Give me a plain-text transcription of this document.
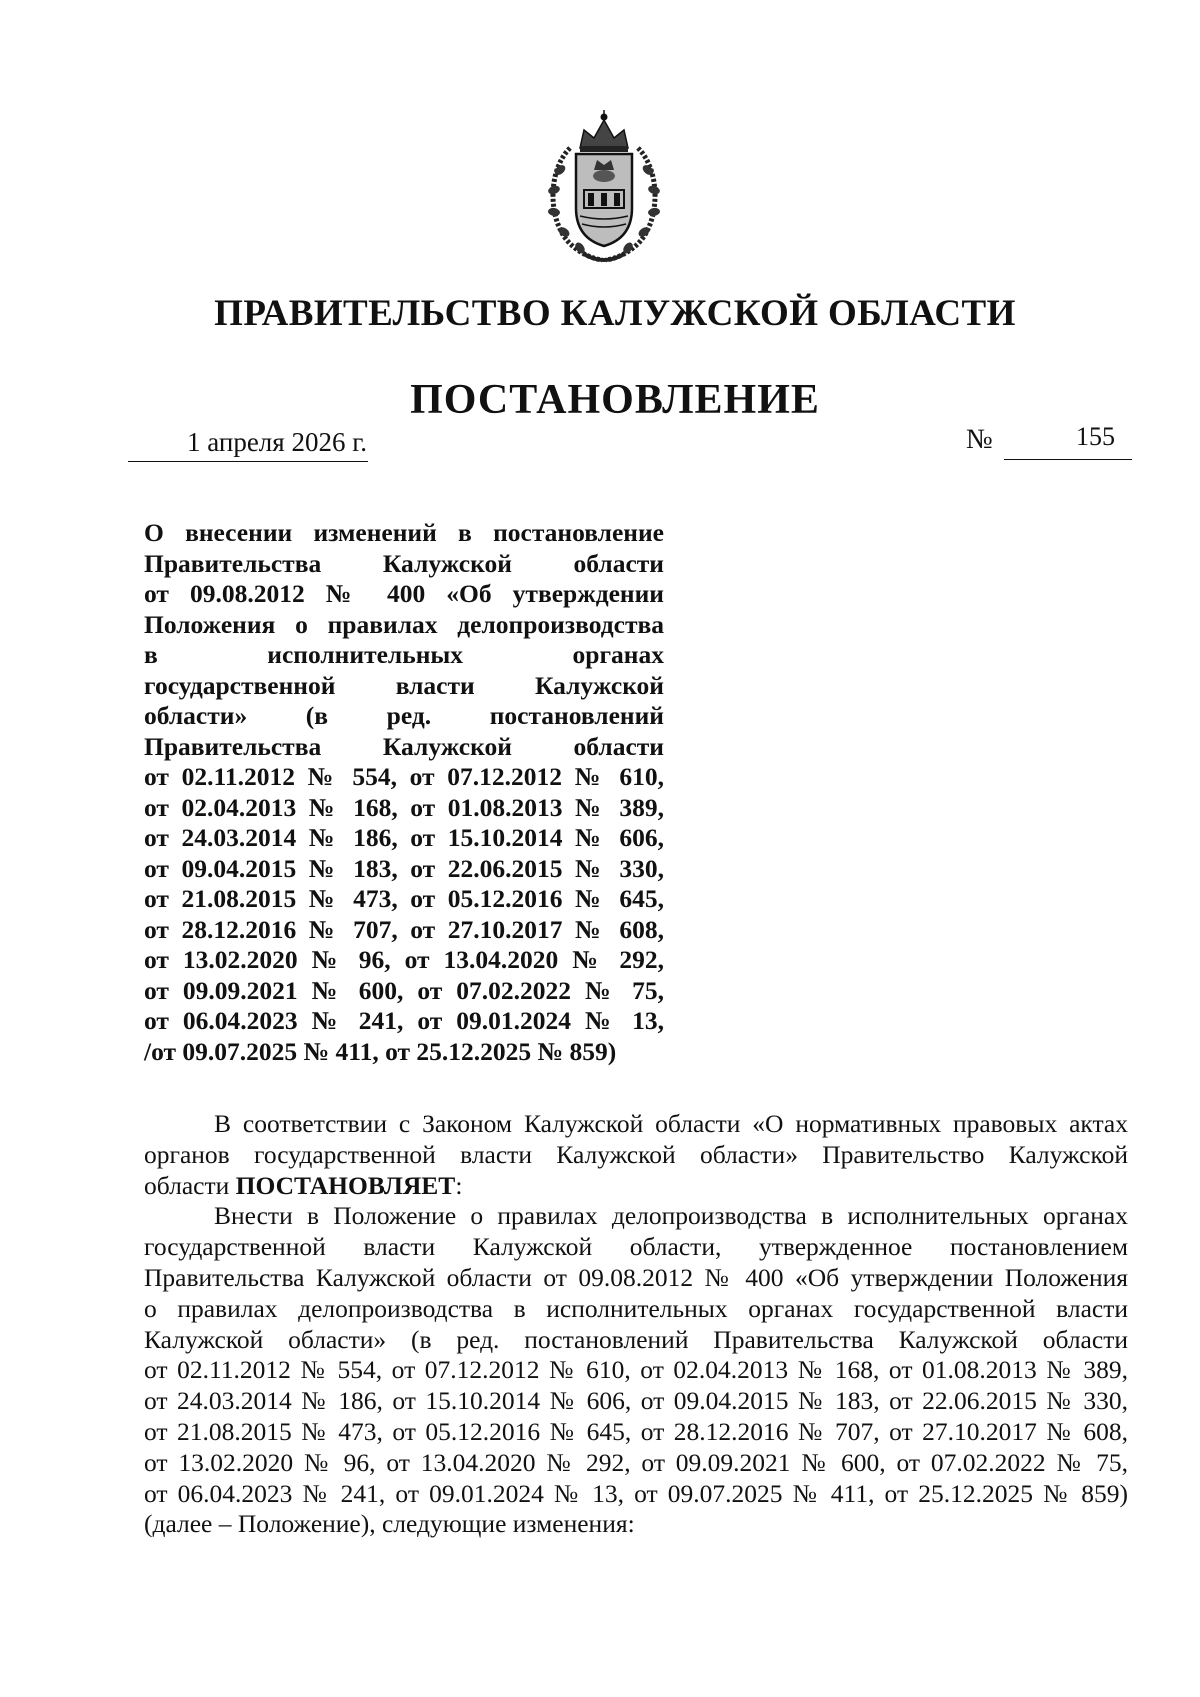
ПРАВИТЕЛЬСТВО КАЛУЖСКОЙ ОБЛАСТИ
ПОСТАНОВЛЕНИЕ
1 апреля 2026 г.	№	155
О внесении изменений в постановление
Правительства Калужской области
от 09.08.2012 № 400 «Об утверждении
Положения о правилах делопроизводства
в исполнительных органах
государственной власти Калужской
области» (в ред. постановлений
Правительства Калужской области
от 02.11.2012 № 554, от 07.12.2012 № 610,
от 02.04.2013 № 168, от 01.08.2013 № 389,
от 24.03.2014 № 186, от 15.10.2014 № 606,
от 09.04.2015 № 183, от 22.06.2015 № 330,
от 21.08.2015 № 473, от 05.12.2016 № 645,
от 28.12.2016 № 707, от 27.10.2017 № 608,
от 13.02.2020 № 96, от 13.04.2020 № 292,
от 09.09.2021 № 600, от 07.02.2022 № 75,
от 06.04.2023 № 241, от 09.01.2024 № 13,
/от 09.07.2025 № 411, от 25.12.2025 № 859)
В соответствии с Законом Калужской области «О нормативных правовых актах
органов государственной власти Калужской области» Правительство Калужской
области ПОСТАНОВЛЯЕТ:
Внести в Положение о правилах делопроизводства в исполнительных органах
государственной власти Калужской области, утвержденное постановлением
Правительства Калужской области от 09.08.2012 № 400 «Об утверждении Положения
о правилах делопроизводства в исполнительных органах государственной власти
Калужской области» (в ред. постановлений Правительства Калужской области
от 02.11.2012 № 554, от 07.12.2012 № 610, от 02.04.2013 № 168, от 01.08.2013 № 389,
от 24.03.2014 № 186, от 15.10.2014 № 606, от 09.04.2015 № 183, от 22.06.2015 № 330,
от 21.08.2015 № 473, от 05.12.2016 № 645, от 28.12.2016 № 707, от 27.10.2017 № 608,
от 13.02.2020 № 96, от 13.04.2020 № 292, от 09.09.2021 № 600, от 07.02.2022 № 75,
от 06.04.2023 № 241, от 09.01.2024 № 13, от 09.07.2025 № 411, от 25.12.2025 № 859)
(далее – Положение), следующие изменения:
